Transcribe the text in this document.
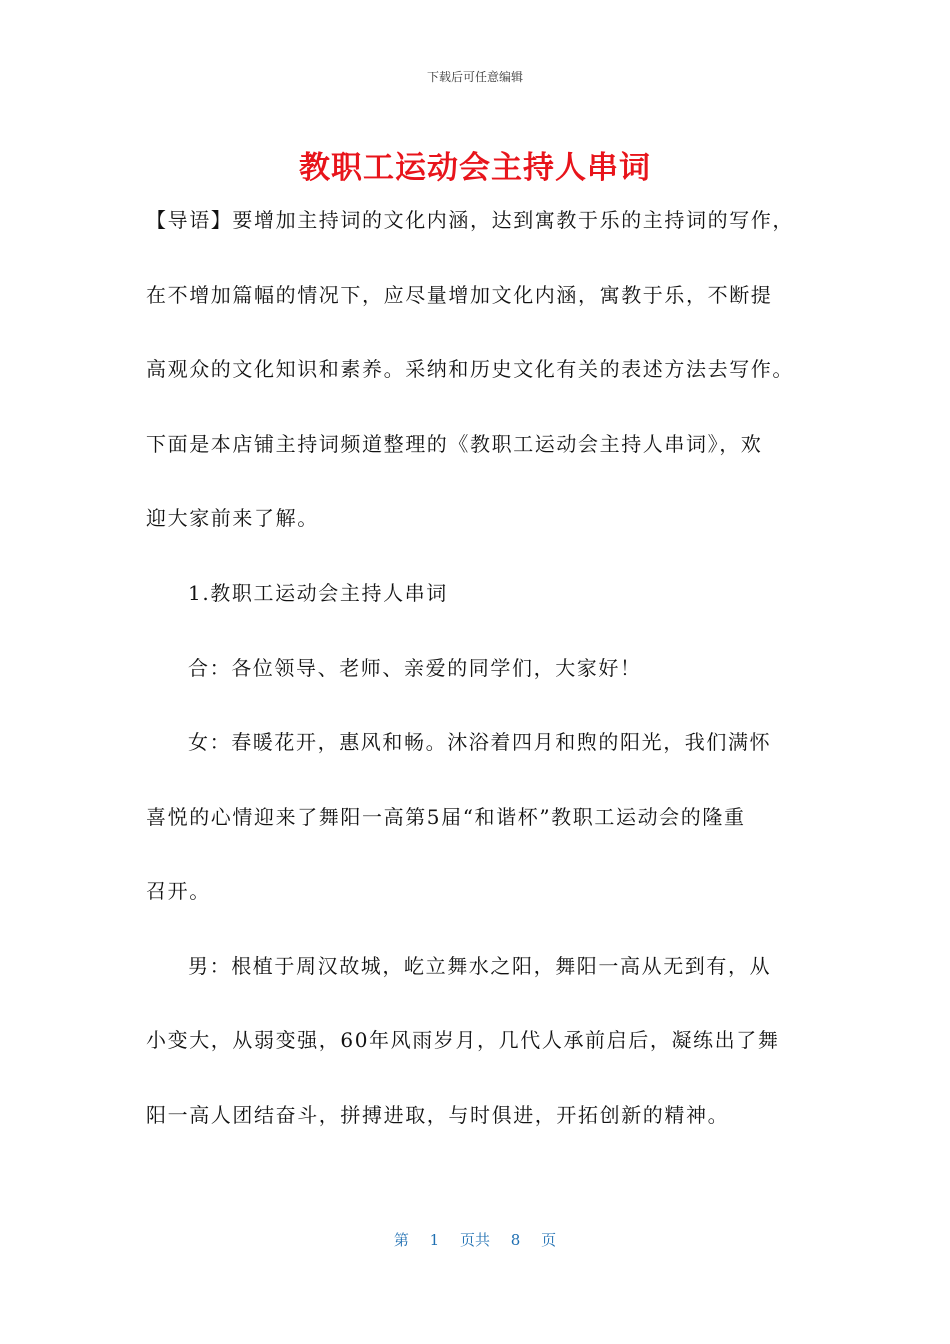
下载后可任意编辑
教职工运动会主持人串词
【导语】要增加主持词的文化内涵，达到寓教于乐的主持词的写作，
在不增加篇幅的情况下，应尽量增加文化内涵，寓教于乐，不断提
高观众的文化知识和素养。采纳和历史文化有关的表述方法去写作。
下面是本店铺主持词频道整理的《教职工运动会主持人串词》，欢
迎大家前来了解。
1.教职工运动会主持人串词
合：各位领导、老师、亲爱的同学们，大家好！
女：春暖花开，惠风和畅。沐浴着四月和煦的阳光，我们满怀
喜悦的心情迎来了舞阳一高第5届“和谐杯”教职工运动会的隆重
召开。
男：根植于周汉故城，屹立舞水之阳，舞阳一高从无到有，从
小变大，从弱变强，60年风雨岁月，几代人承前启后，凝练出了舞
阳一高人团结奋斗，拼搏进取，与时俱进，开拓创新的精神。
第 1 页共 8 页
